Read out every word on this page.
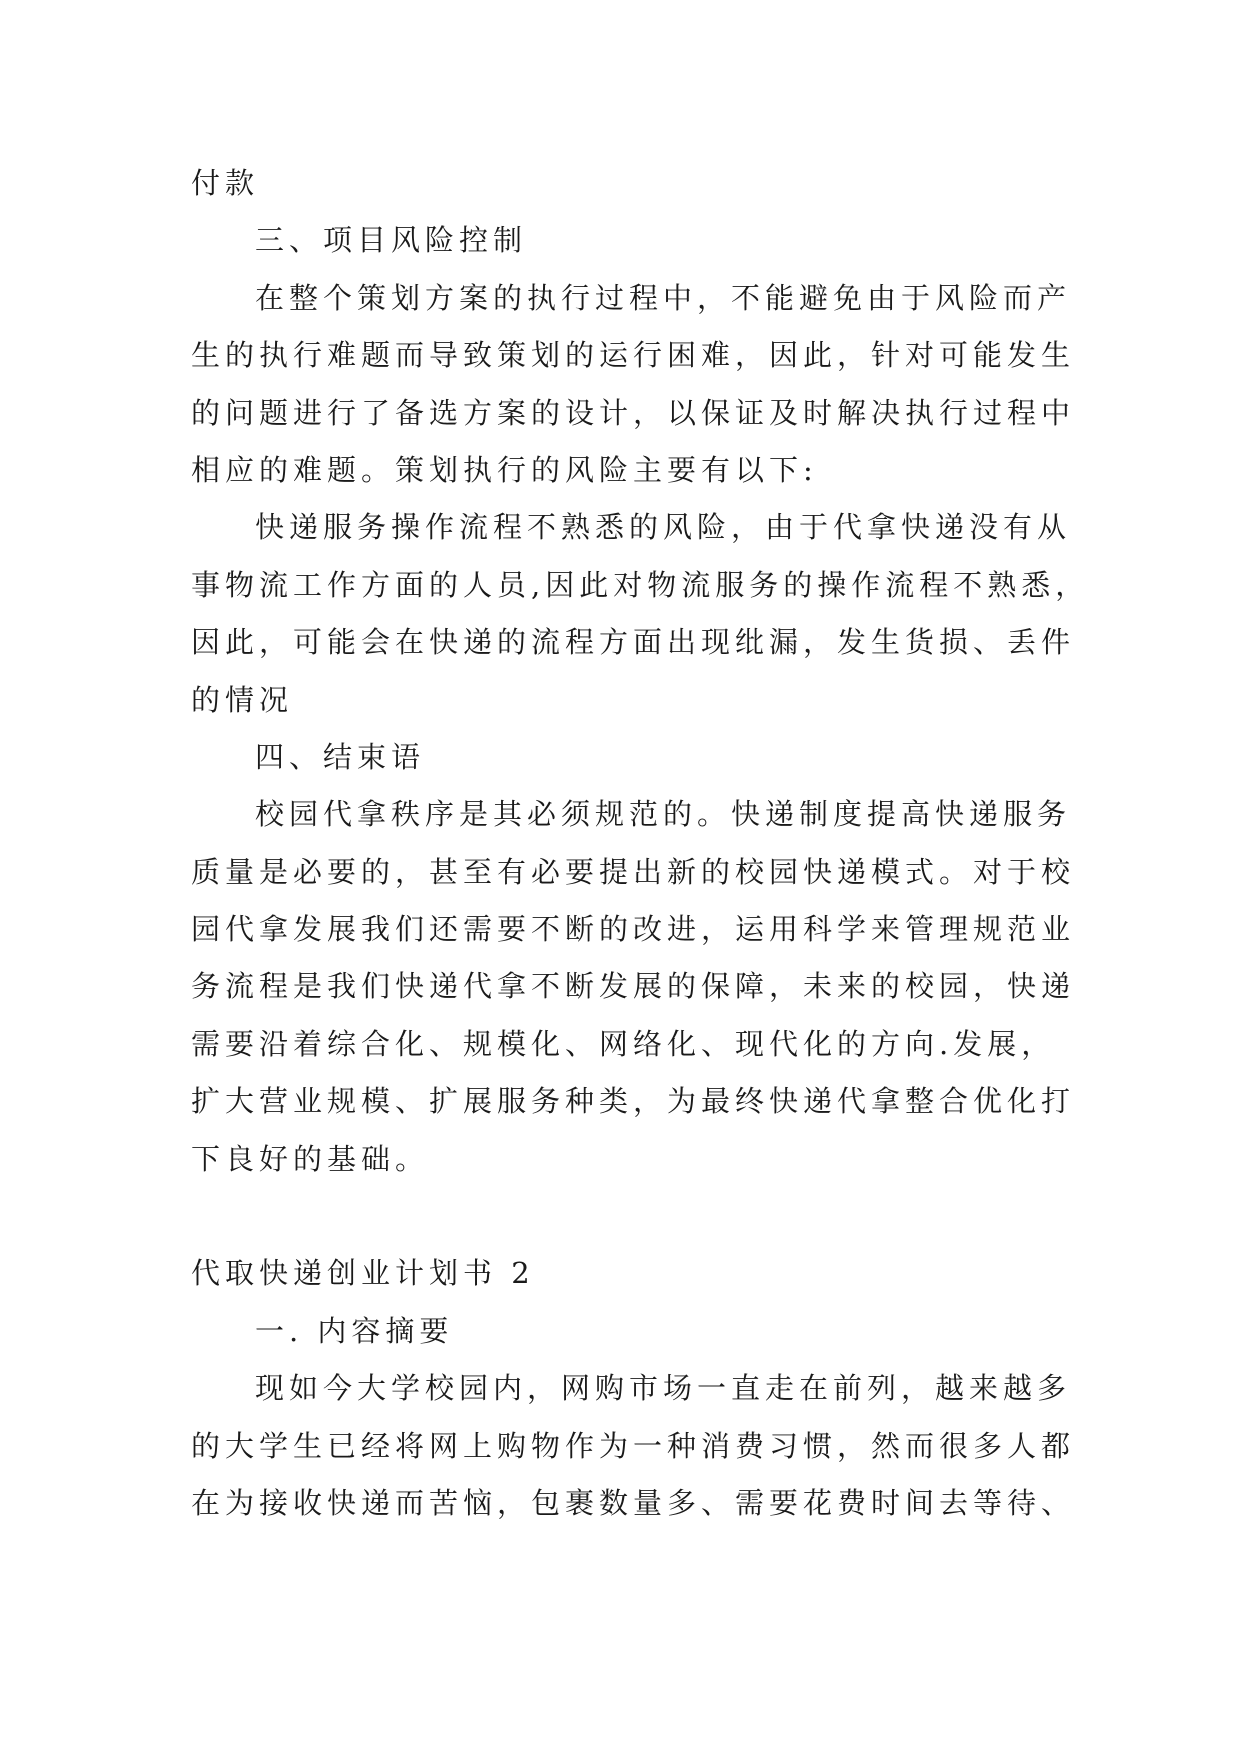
付款
三、项目风险控制
在整个策划方案的执行过程中，不能避免由于风险而产
生的执行难题而导致策划的运行困难，因此，针对可能发生
的问题进行了备选方案的设计，以保证及时解决执行过程中
相应的难题。策划执行的风险主要有以下:
快递服务操作流程不熟悉的风险，由于代拿快递没有从
事物流工作方面的人员,因此对物流服务的操作流程不熟悉，
因此，可能会在快递的流程方面出现纰漏，发生货损、丢件
的情况
四、结束语
校园代拿秩序是其必须规范的。快递制度提高快递服务
质量是必要的，甚至有必要提出新的校园快递模式。对于校
园代拿发展我们还需要不断的改进，运用科学来管理规范业
务流程是我们快递代拿不断发展的保障，未来的校园，快递
需要沿着综合化、规模化、网络化、现代化的方向.发展，
扩大营业规模、扩展服务种类，为最终快递代拿整合优化打
下良好的基础。
代取快递创业计划书 2
一. 内容摘要
现如今大学校园内，网购市场一直走在前列，越来越多
的大学生已经将网上购物作为一种消费习惯，然而很多人都
在为接收快递而苦恼，包裹数量多、需要花费时间去等待、
